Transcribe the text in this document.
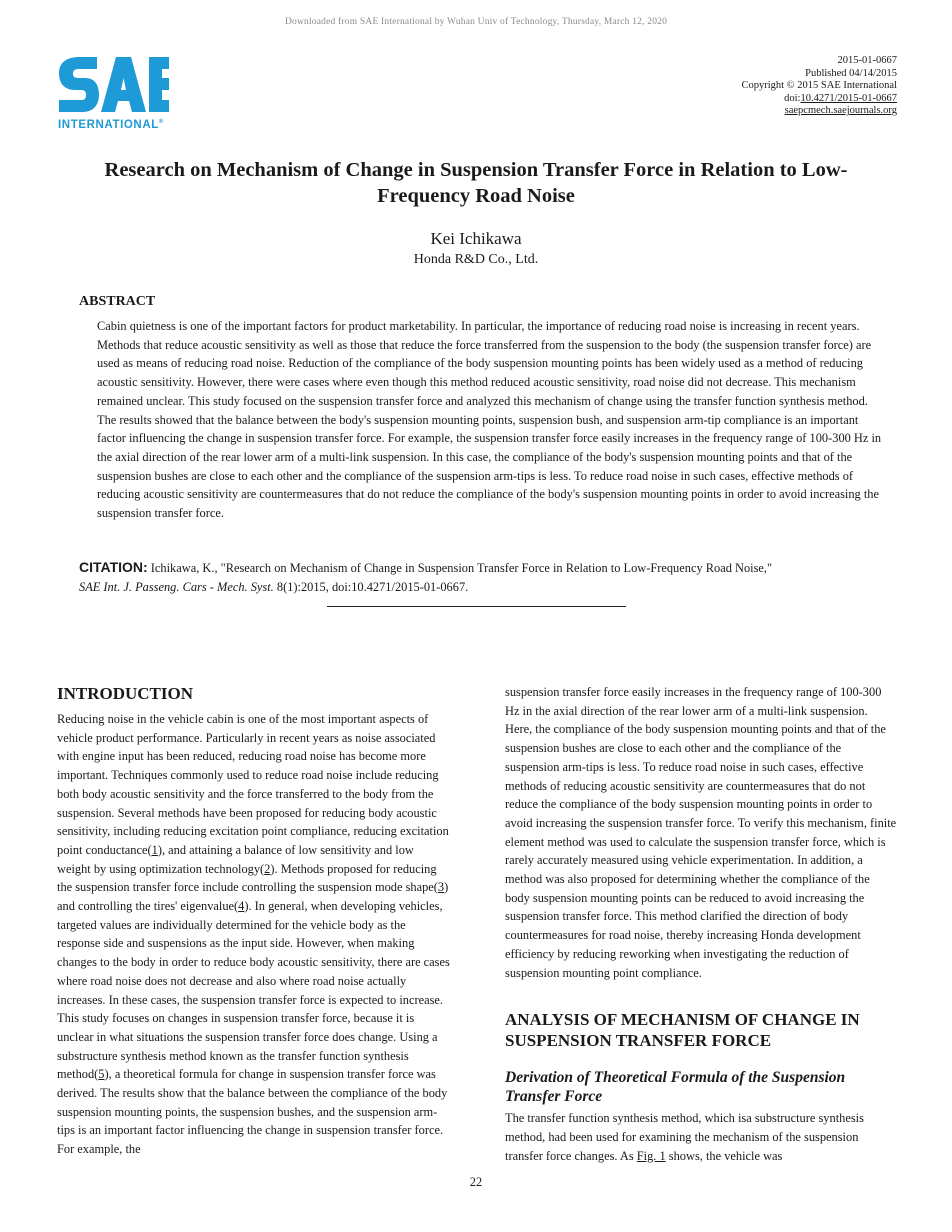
Downloaded from SAE International by Wuhan Univ of Technology, Thursday, March 12, 2020
INTERNATIONAL®
2015-01-0667
Published 04/14/2015
Copyright © 2015 SAE International
doi:10.4271/2015-01-0667
saepcmech.saejournals.org
Research on Mechanism of Change in Suspension Transfer Force in Relation to Low-Frequency Road Noise
Kei Ichikawa
Honda R&D Co., Ltd.
ABSTRACT

Cabin quietness is one of the important factors for product marketability. In particular, the importance of reducing road noise is increasing in recent years. Methods that reduce acoustic sensitivity as well as those that reduce the force transferred from the suspension to the body (the suspension transfer force) are used as means of reducing road noise. Reduction of the compliance of the body suspension mounting points has been widely used as a method of reducing acoustic sensitivity. However, there were cases where even though this method reduced acoustic sensitivity, road noise did not decrease. This mechanism remained unclear. This study focused on the suspension transfer force and analyzed this mechanism of change using the transfer function synthesis method. The results showed that the balance between the body's suspension mounting points, suspension bush, and suspension arm-tip compliance is an important factor influencing the change in suspension transfer force. For example, the suspension transfer force easily increases in the frequency range of 100-300 Hz in the axial direction of the rear lower arm of a multi-link suspension. In this case, the compliance of the body's suspension mounting points and that of the suspension bushes are close to each other and the compliance of the suspension arm-tips is less. To reduce road noise in such cases, effective methods of reducing acoustic sensitivity are countermeasures that do not reduce the compliance of the body's suspension mounting points in order to avoid increasing the suspension transfer force.

CITATION: Ichikawa, K., "Research on Mechanism of Change in Suspension Transfer Force in Relation to Low-Frequency Road Noise,"
SAE Int. J. Passeng. Cars - Mech. Syst. 8(1):2015, doi:10.4271/2015-01-0667.

INTRODUCTION

Reducing noise in the vehicle cabin is one of the most important aspects of vehicle product performance. Particularly in recent years as noise associated with engine input has been reduced, reducing road noise has become more important. Techniques commonly used to reduce road noise include reducing both body acoustic sensitivity and the force transferred to the body from the suspension. Several methods have been proposed for reducing body acoustic sensitivity, including reducing excitation point compliance, reducing excitation point conductance(1), and attaining a balance of low sensitivity and low weight by using optimization technology(2). Methods proposed for reducing the suspension transfer force include controlling the suspension mode shape(3) and controlling the tires' eigenvalue(4). In general, when developing vehicles, targeted values are individually determined for the vehicle body as the response side and suspensions as the input side. However, when making changes to the body in order to reduce body acoustic sensitivity, there are cases where road noise does not decrease and also where road noise actually increases. In these cases, the suspension transfer force is expected to increase. This study focuses on changes in suspension transfer force, because it is unclear in what situations the suspension transfer force does change. Using a substructure synthesis method known as the transfer function synthesis method(5), a theoretical formula for change in suspension transfer force was derived. The results show that the balance between the compliance of the body suspension mounting points, the suspension bushes, and the suspension arm-tips is an important factor influencing the change in suspension transfer force. For example, the

suspension transfer force easily increases in the frequency range of 100-300 Hz in the axial direction of the rear lower arm of a multi-link suspension. Here, the compliance of the body suspension mounting points and that of the suspension bushes are close to each other and the compliance of the suspension arm-tips is less. To reduce road noise in such cases, effective methods of reducing acoustic sensitivity are countermeasures that do not reduce the compliance of the body suspension mounting points in order to avoid increasing the suspension transfer force. To verify this mechanism, finite element method was used to calculate the suspension transfer force, which is rarely accurately measured using vehicle experimentation. In addition, a method was also proposed for determining whether the compliance of the body suspension mounting points can be reduced to avoid increasing the suspension transfer force. This method clarified the direction of body countermeasures for road noise, thereby increasing Honda development efficiency by reducing reworking when investigating the reduction of suspension mounting point compliance.

ANALYSIS OF MECHANISM OF CHANGE IN SUSPENSION TRANSFER FORCE
Derivation of Theoretical Formula of the Suspension Transfer Force

The transfer function synthesis method, which isa substructure synthesis method, had been used for examining the mechanism of the suspension transfer force changes. As Fig. 1 shows, the vehicle was

22
